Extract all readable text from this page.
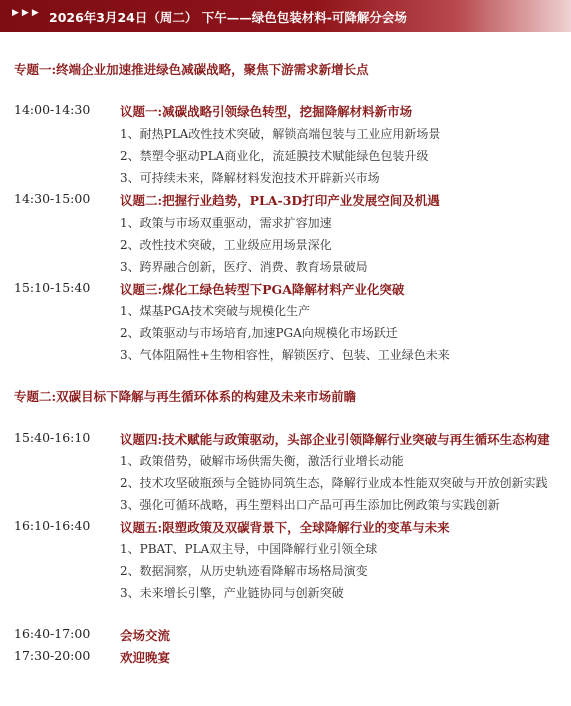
▶▶▶ 2026年3月24日（周二） 下午——绿色包装材料-可降解分会场
专题一:终端企业加速推进绿色减碳战略，聚焦下游需求新增长点
14:00-14:30 议题一:减碳战略引领绿色转型，挖掘降解材料新市场
1、耐热PLA改性技术突破，解锁高端包装与工业应用新场景
2、禁塑令驱动PLA商业化，流延膜技术赋能绿色包装升级
3、可持续未来，降解材料发泡技术开辟新兴市场
14:30-15:00 议题二:把握行业趋势，PLA-3D打印产业发展空间及机遇
1、政策与市场双重驱动，需求扩容加速
2、改性技术突破，工业级应用场景深化
3、跨界融合创新，医疗、消费、教育场景破局
15:10-15:40 议题三:煤化工绿色转型下PGA降解材料产业化突破
1、煤基PGA技术突破与规模化生产
2、政策驱动与市场培育,加速PGA向规模化市场跃迁
3、气体阻隔性+生物相容性，解锁医疗、包装、工业绿色未来
专题二:双碳目标下降解与再生循环体系的构建及未来市场前瞻
15:40-16:10 议题四:技术赋能与政策驱动，头部企业引领降解行业突破与再生循环生态构建
1、政策借势，破解市场供需失衡，激活行业增长动能
2、技术攻坚破瓶颈与全链协同筑生态，降解行业成本性能双突破与开放创新实践
3、强化可循环战略，再生塑料出口产品可再生添加比例政策与实践创新
16:10-16:40 议题五:限塑政策及双碳背景下，全球降解行业的变革与未来
1、PBAT、PLA双主导，中国降解行业引领全球
2、数据洞察，从历史轨迹看降解市场格局演变
3、未来增长引擎，产业链协同与创新突破
16:40-17:00 会场交流
17:30-20:00 欢迎晚宴
